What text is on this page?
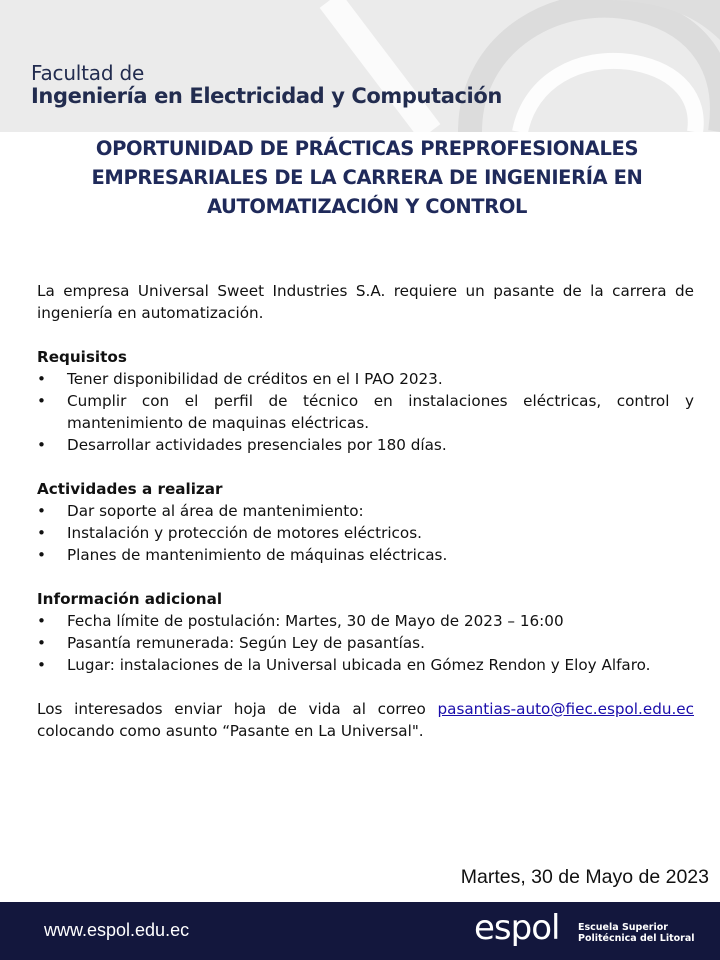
Facultad de
Ingeniería en Electricidad y Computación
OPORTUNIDAD DE PRÁCTICAS PREPROFESIONALES EMPRESARIALES DE LA CARRERA DE INGENIERÍA EN AUTOMATIZACIÓN Y CONTROL

La empresa Universal Sweet Industries S.A. requiere un pasante de la carrera de ingeniería en automatización.

Requisitos
• Tener disponibilidad de créditos en el I PAO 2023.
• Cumplir con el perfil de técnico en instalaciones eléctricas, control y mantenimiento de maquinas eléctricas.
• Desarrollar actividades presenciales por 180 días.
Actividades a realizar
• Dar soporte al área de mantenimiento:
• Instalación y protección de motores eléctricos.
• Planes de mantenimiento de máquinas eléctricas.
Información adicional
• Fecha límite de postulación: Martes, 30 de Mayo de 2023 – 16:00
• Pasantía remunerada: Según Ley de pasantías.
• Lugar: instalaciones de la Universal ubicada en Gómez Rendon y Eloy Alfaro.

Los interesados enviar hoja de vida al correo pasantias-auto@fiec.espol.edu.ec colocando como asunto “Pasante en La Universal".

Martes, 30 de Mayo de 2023
www.espol.edu.ec	espol Escuela Superior
Politécnica del Litoral
